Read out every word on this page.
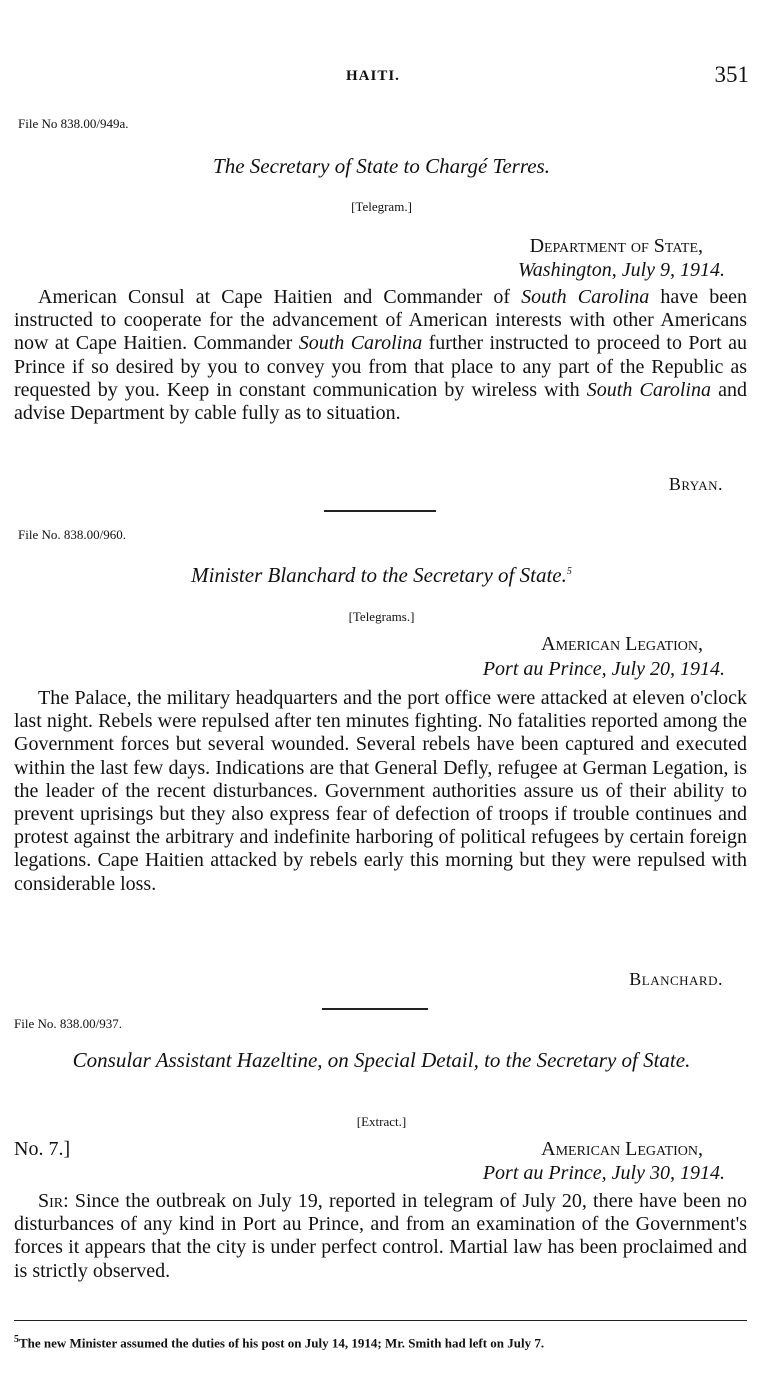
HAITI.	351
File No 838.00/949a.
The Secretary of State to Chargé Terres.
[Telegram.]
Department of State,
Washington, July 9, 1914.
American Consul at Cape Haitien and Commander of South Carolina have been instructed to cooperate for the advancement of American interests with other Americans now at Cape Haitien. Commander South Carolina further instructed to proceed to Port au Prince if so desired by you to convey you from that place to any part of the Republic as requested by you. Keep in constant communication by wireless with South Carolina and advise Department by cable fully as to situation.
Bryan.
File No. 838.00/960.
Minister Blanchard to the Secretary of State.$^5$
[Telegrams.]
American Legation,
Port au Prince, July 20, 1914.
The Palace, the military headquarters and the port office were attacked at eleven o'clock last night. Rebels were repulsed after ten minutes fighting. No fatalities reported among the Government forces but several wounded. Several rebels have been captured and executed within the last few days. Indications are that General Defly, refugee at German Legation, is the leader of the recent disturbances. Government authorities assure us of their ability to prevent uprisings but they also express fear of defection of troops if trouble continues and protest against the arbitrary and indefinite harboring of political refugees by certain foreign legations. Cape Haitien attacked by rebels early this morning but they were repulsed with considerable loss.
Blanchard.
File No. 838.00/937.
Consular Assistant Hazeltine, on Special Detail, to the Secretary of State.
[Extract.]
No. 7.]	American Legation,
Port au Prince, July 30, 1914.
Sir: Since the outbreak on July 19, reported in telegram of July 20, there have been no disturbances of any kind in Port au Prince, and from an examination of the Government's forces it appears that the city is under perfect control. Martial law has been proclaimed and is strictly observed.
$^5$The new Minister assumed the duties of his post on July 14, 1914; Mr. Smith had left on July 7.
